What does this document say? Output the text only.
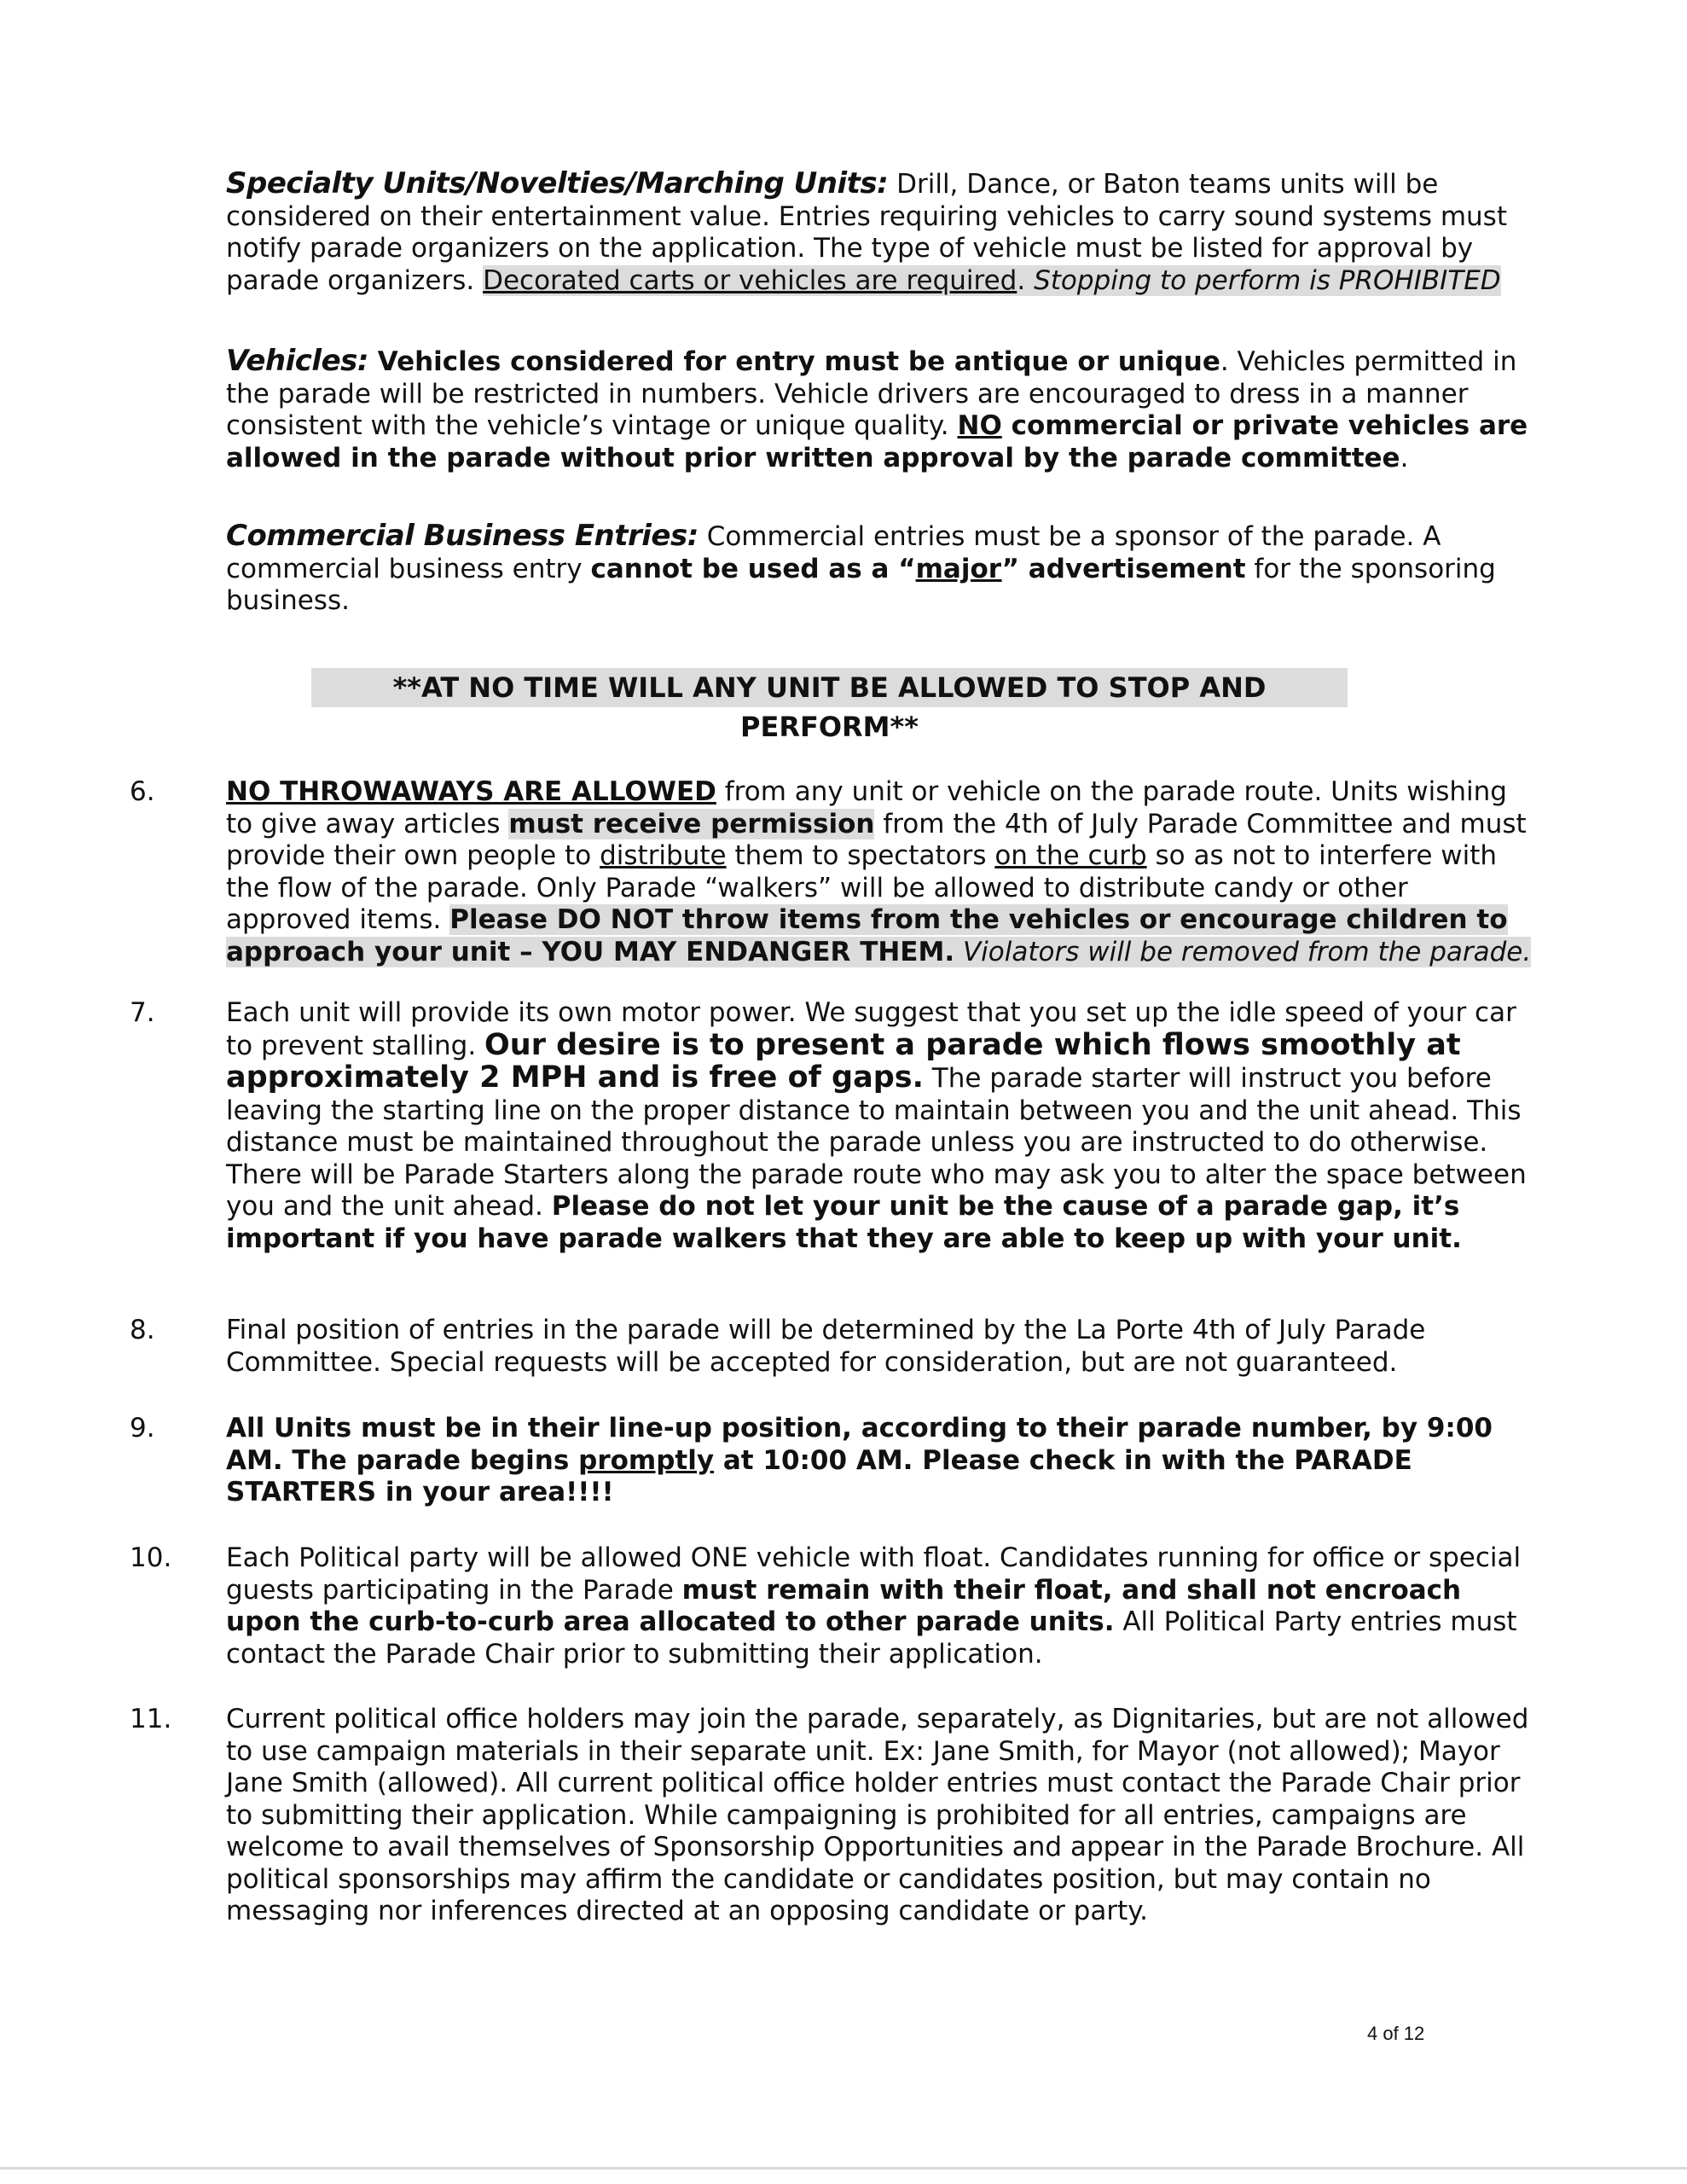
Specialty Units/Novelties/Marching Units: Drill, Dance, or Baton teams units will be considered on their entertainment value. Entries requiring vehicles to carry sound systems must notify parade organizers on the application. The type of vehicle must be listed for approval by parade organizers. Decorated carts or vehicles are required. Stopping to perform is PROHIBITED

Vehicles: Vehicles considered for entry must be antique or unique. Vehicles permitted in the parade will be restricted in numbers. Vehicle drivers are encouraged to dress in a manner consistent with the vehicle’s vintage or unique quality. NO commercial or private vehicles are allowed in the parade without prior written approval by the parade committee.

Commercial Business Entries: Commercial entries must be a sponsor of the parade. A commercial business entry cannot be used as a “major” advertisement for the sponsoring business.

**AT NO TIME WILL ANY UNIT BE ALLOWED TO STOP AND PERFORM**
6.	NO THROWAWAYS ARE ALLOWED from any unit or vehicle on the parade route. Units wishing to give away articles must receive permission from the 4th of July Parade Committee and must provide their own people to distribute them to spectators on the curb so as not to interfere with the flow of the parade. Only Parade “walkers” will be allowed to distribute candy or other approved items. Please DO NOT throw items from the vehicles or encourage children to approach your unit – YOU MAY ENDANGER THEM. Violators will be removed from the parade.

7.	Each unit will provide its own motor power. We suggest that you set up the idle speed of your car to prevent stalling. Our desire is to present a parade which flows smoothly at approximately 2 MPH and is free of gaps. The parade starter will instruct you before leaving the starting line on the proper distance to maintain between you and the unit ahead. This distance must be maintained throughout the parade unless you are instructed to do otherwise. There will be Parade Starters along the parade route who may ask you to alter the space between you and the unit ahead. Please do not let your unit be the cause of a parade gap, it’s important if you have parade walkers that they are able to keep up with your unit.

8.	Final position of entries in the parade will be determined by the La Porte 4th of July Parade Committee. Special requests will be accepted for consideration, but are not guaranteed.

9.	All Units must be in their line-up position, according to their parade number, by 9:00 AM. The parade begins promptly at 10:00 AM. Please check in with the PARADE STARTERS in your area!!!!

10. Each Political party will be allowed ONE vehicle with float. Candidates running for office or special guests participating in the Parade must remain with their float, and shall not encroach upon the curb-to-curb area allocated to other parade units. All Political Party entries must contact the Parade Chair prior to submitting their application.

11. Current political office holders may join the parade, separately, as Dignitaries, but are not allowed to use campaign materials in their separate unit. Ex: Jane Smith, for Mayor (not allowed); Mayor Jane Smith (allowed). All current political office holder entries must contact the Parade Chair prior to submitting their application. While campaigning is prohibited for all entries, campaigns are welcome to avail themselves of Sponsorship Opportunities and appear in the Parade Brochure. All political sponsorships may affirm the candidate or candidates position, but may contain no messaging nor inferences directed at an opposing candidate or party.

4 of 12
